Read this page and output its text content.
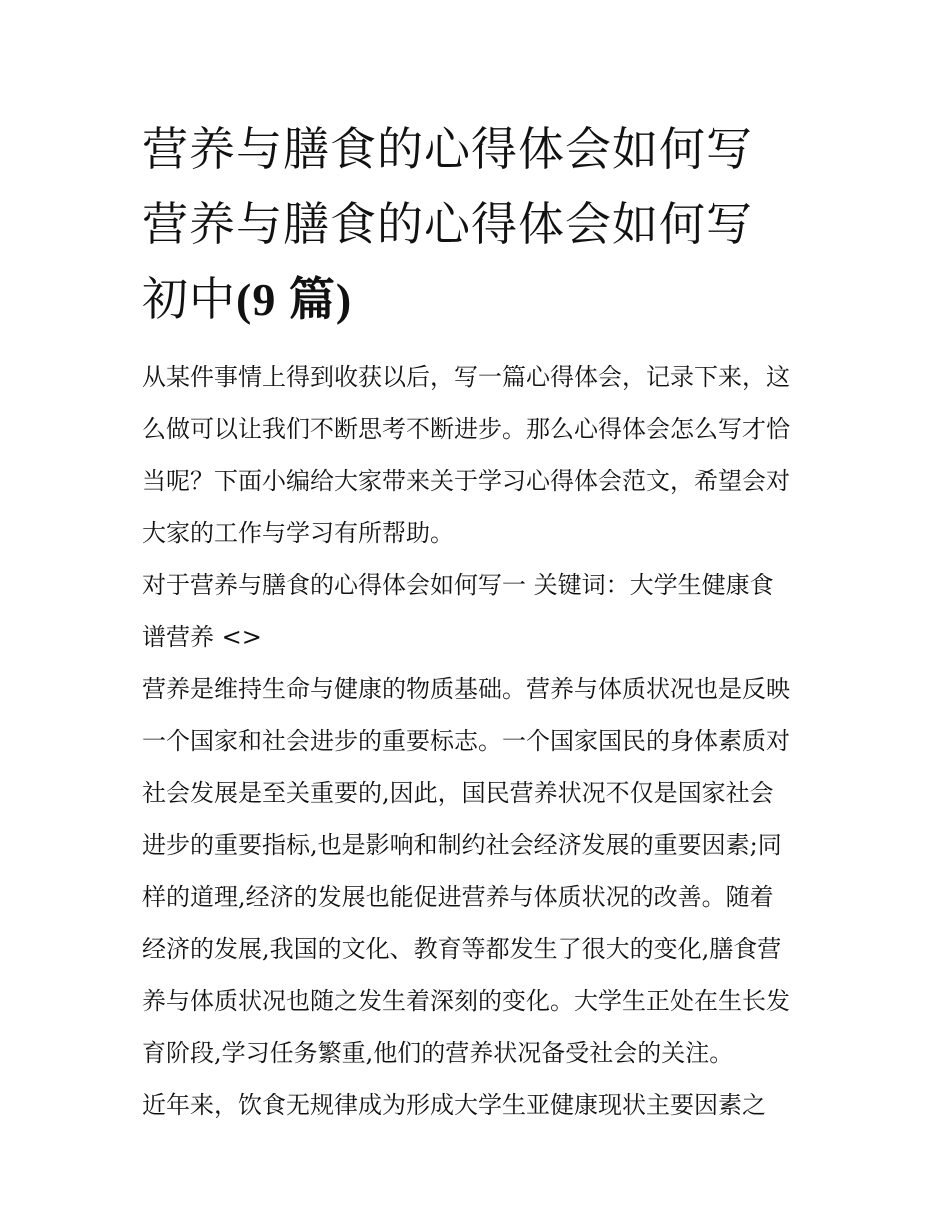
营养与膳食的心得体会如何写
营养与膳食的心得体会如何写
初中(9 篇)

从某件事情上得到收获以后，写一篇心得体会，记录下来，这
么做可以让我们不断思考不断进步。那么心得体会怎么写才恰
当呢？下面小编给大家带来关于学习心得体会范文，希望会对
大家的工作与学习有所帮助。

对于营养与膳食的心得体会如何写一 关键词：大学生健康食
谱营养 <>

营养是维持生命与健康的物质基础。营养与体质状况也是反映
一个国家和社会进步的重要标志。一个国家国民的身体素质对
社会发展是至关重要的,因此，国民营养状况不仅是国家社会
进步的重要指标,也是影响和制约社会经济发展的重要因素;同
样的道理,经济的发展也能促进营养与体质状况的改善。随着
经济的发展,我国的文化、教育等都发生了很大的变化,膳食营
养与体质状况也随之发生着深刻的变化。大学生正处在生长发
育阶段,学习任务繁重,他们的营养状况备受社会的关注。

近年来，饮食无规律成为形成大学生亚健康现状主要因素之
